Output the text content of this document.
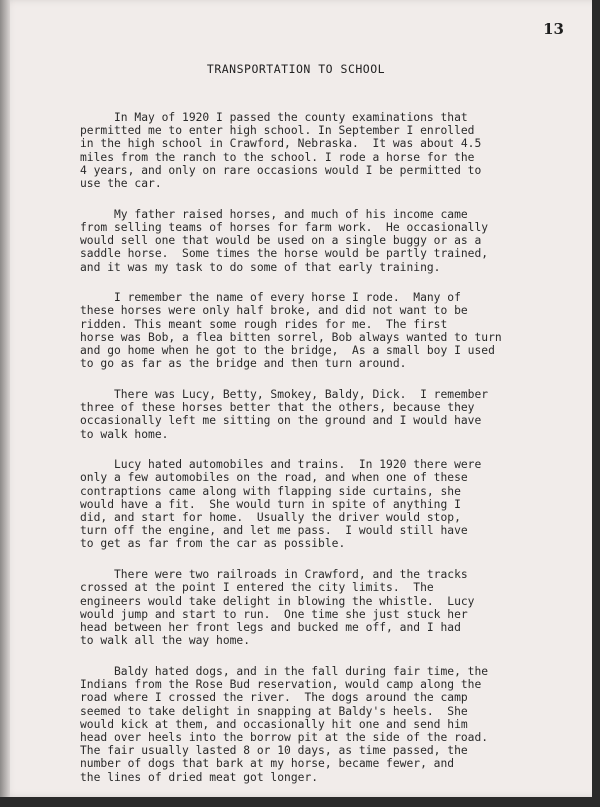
13
TRANSPORTATION TO SCHOOL
In May of 1920 I passed the county examinations that
permitted me to enter high school. In September I enrolled
in the high school in Crawford, Nebraska.  It was about 4.5
miles from the ranch to the school. I rode a horse for the
4 years, and only on rare occasions would I be permitted to
use the car.
My father raised horses, and much of his income came
from selling teams of horses for farm work.  He occasionally
would sell one that would be used on a single buggy or as a
saddle horse.  Some times the horse would be partly trained,
and it was my task to do some of that early training.
I remember the name of every horse I rode.  Many of
these horses were only half broke, and did not want to be
ridden. This meant some rough rides for me.  The first
horse was Bob, a flea bitten sorrel, Bob always wanted to turn
and go home when he got to the bridge,  As a small boy I used
to go as far as the bridge and then turn around.
There was Lucy, Betty, Smokey, Baldy, Dick.  I remember
three of these horses better that the others, because they
occasionally left me sitting on the ground and I would have
to walk home.
Lucy hated automobiles and trains.  In 1920 there were
only a few automobiles on the road, and when one of these
contraptions came along with flapping side curtains, she
would have a fit.  She would turn in spite of anything I
did, and start for home.  Usually the driver would stop,
turn off the engine, and let me pass.  I would still have
to get as far from the car as possible.
There were two railroads in Crawford, and the tracks
crossed at the point I entered the city limits.  The
engineers would take delight in blowing the whistle.  Lucy
would jump and start to run.  One time she just stuck her
head between her front legs and bucked me off, and I had
to walk all the way home.
Baldy hated dogs, and in the fall during fair time, the
Indians from the Rose Bud reservation, would camp along the
road where I crossed the river.  The dogs around the camp
seemed to take delight in snapping at Baldy's heels.  She
would kick at them, and occasionally hit one and send him
head over heels into the borrow pit at the side of the road.
The fair usually lasted 8 or 10 days, as time passed, the
number of dogs that bark at my horse, became fewer, and
the lines of dried meat got longer.
